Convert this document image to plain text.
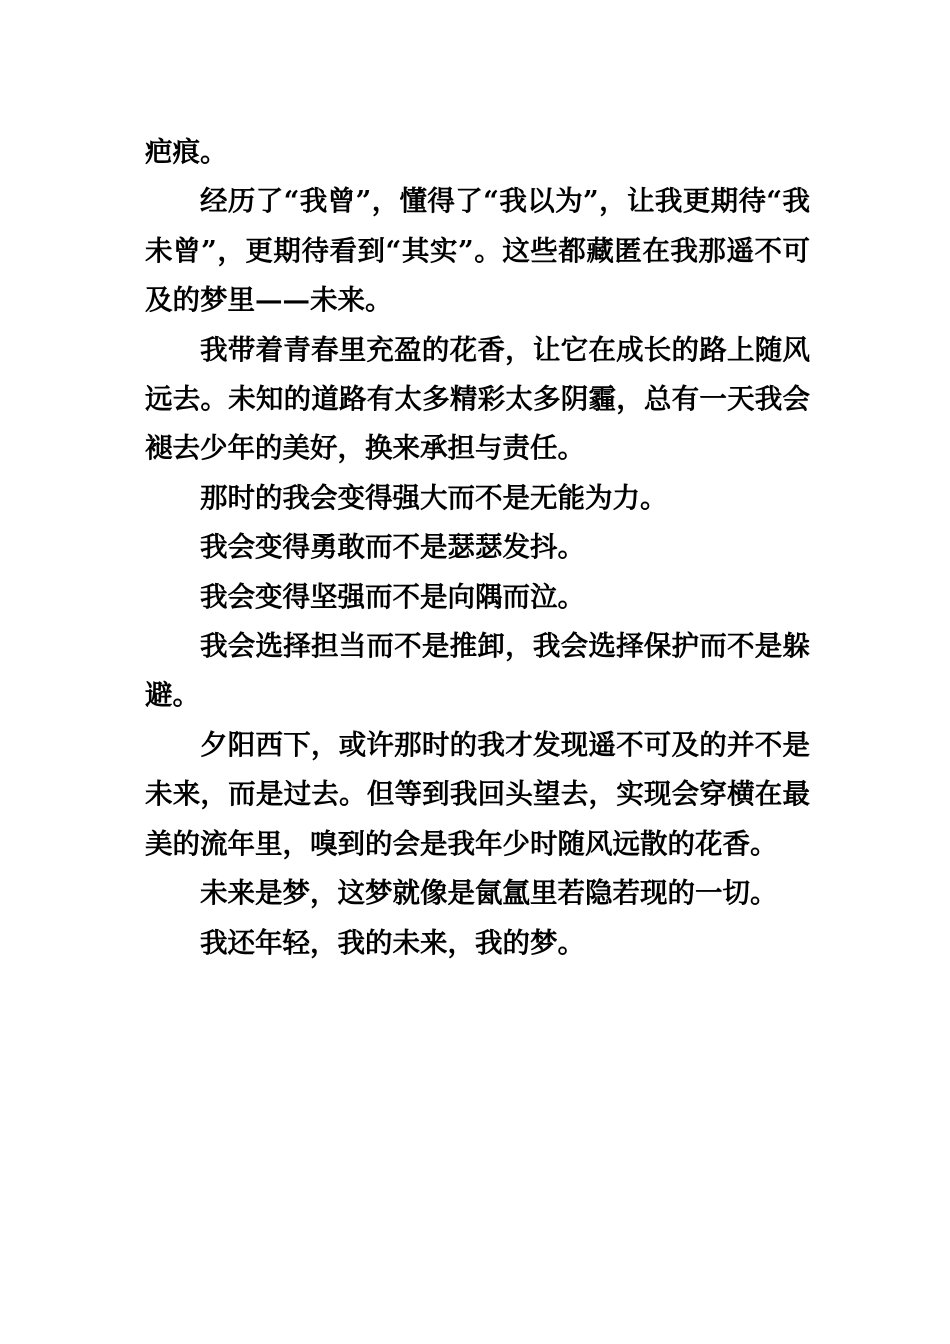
疤痕。

经历了“我曾”，懂得了“我以为”，让我更期待“我未曾”，更期待看到“其实”。这些都藏匿在我那遥不可及的梦里——未来。

我带着青春里充盈的花香，让它在成长的路上随风远去。未知的道路有太多精彩太多阴霾，总有一天我会褪去少年的美好，换来承担与责任。

那时的我会变得强大而不是无能为力。

我会变得勇敢而不是瑟瑟发抖。

我会变得坚强而不是向隅而泣。

我会选择担当而不是推卸，我会选择保护而不是躲避。

夕阳西下，或许那时的我才发现遥不可及的并不是未来，而是过去。但等到我回头望去，实现会穿横在最美的流年里，嗅到的会是我年少时随风远散的花香。

未来是梦，这梦就像是氤氲里若隐若现的一切。

我还年轻，我的未来，我的梦。
